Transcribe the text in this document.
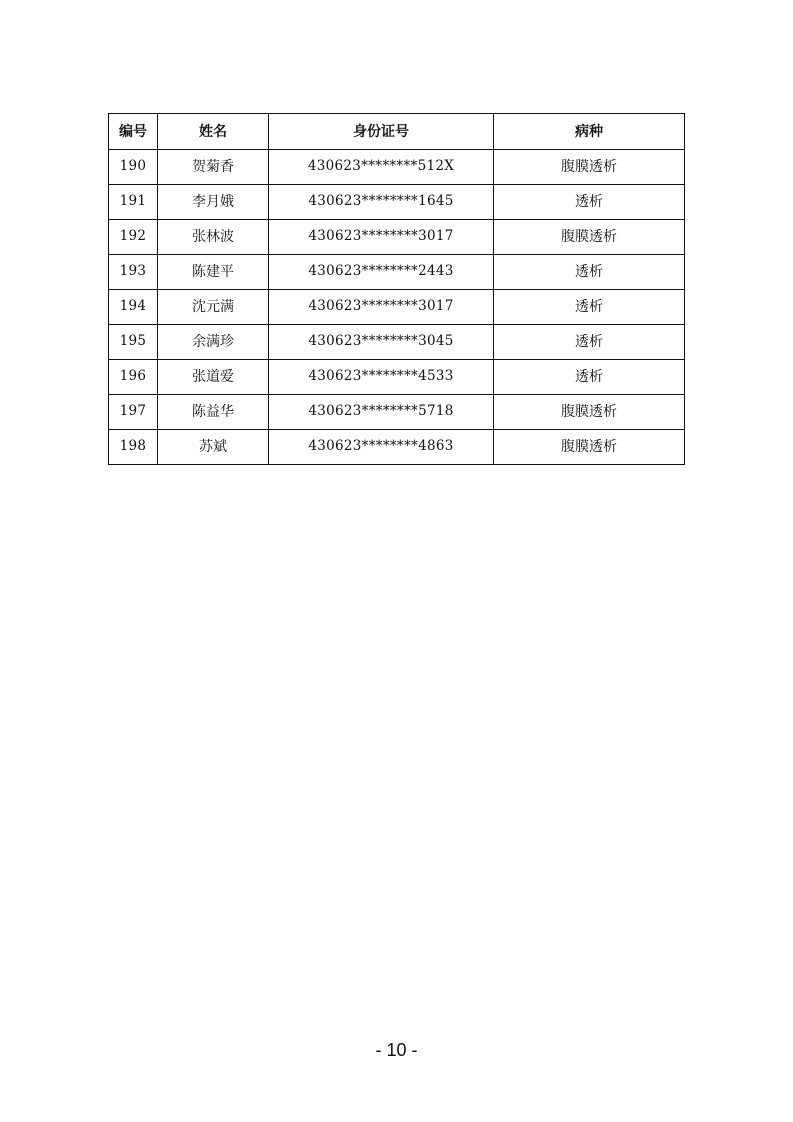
编号	姓名	身份证号	病种
190	贺菊香	430623********512X	腹膜透析
191	李月娥	430623********1645	透析
192	张林波	430623********3017	腹膜透析
193	陈建平	430623********2443	透析
194	沈元满	430623********3017	透析
195	余满珍	430623********3045	透析
196	张道爱	430623********4533	透析
197	陈益华	430623********5718	腹膜透析
198	苏斌	430623********4863	腹膜透析
- 10 -
